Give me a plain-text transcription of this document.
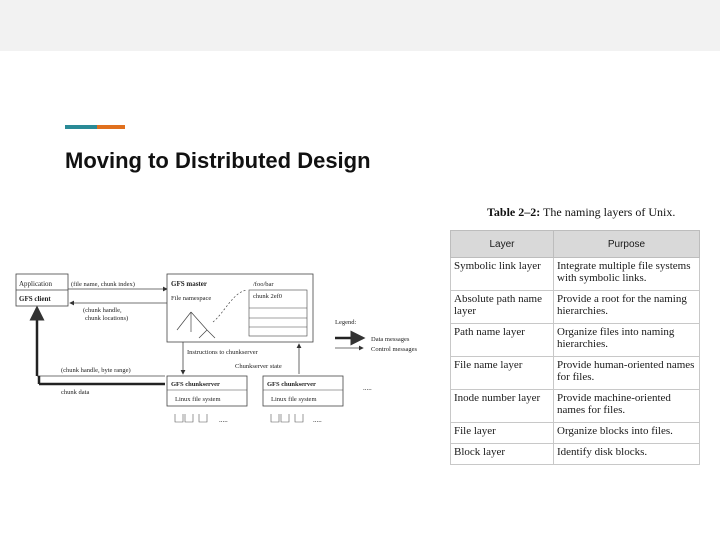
Moving to Distributed Design
Application
GFS client
(file name, chunk index)
(chunk handle,
chunk locations)
GFS master
File namespace
/foo/bar
chunk 2ef0
Legend:
Data messages
Control messages
Instructions to chunkserver
Chunkserver state
(chunk handle, byte range)
chunk data
GFS chunkserver
Linux file system
.....
GFS chunkserver
Linux file system
.....
.....
Table 2–2: The naming layers of Unix.
Layer	Purpose
Symbolic link layer	Integrate multiple file systems with symbolic links.
Absolute path name layer	Provide a root for the naming hierarchies.
Path name layer	Organize files into naming hierarchies.
File name layer	Provide human-oriented names for files.
Inode number layer	Provide machine-oriented names for files.
File layer	Organize blocks into files.
Block layer	Identify disk blocks.
